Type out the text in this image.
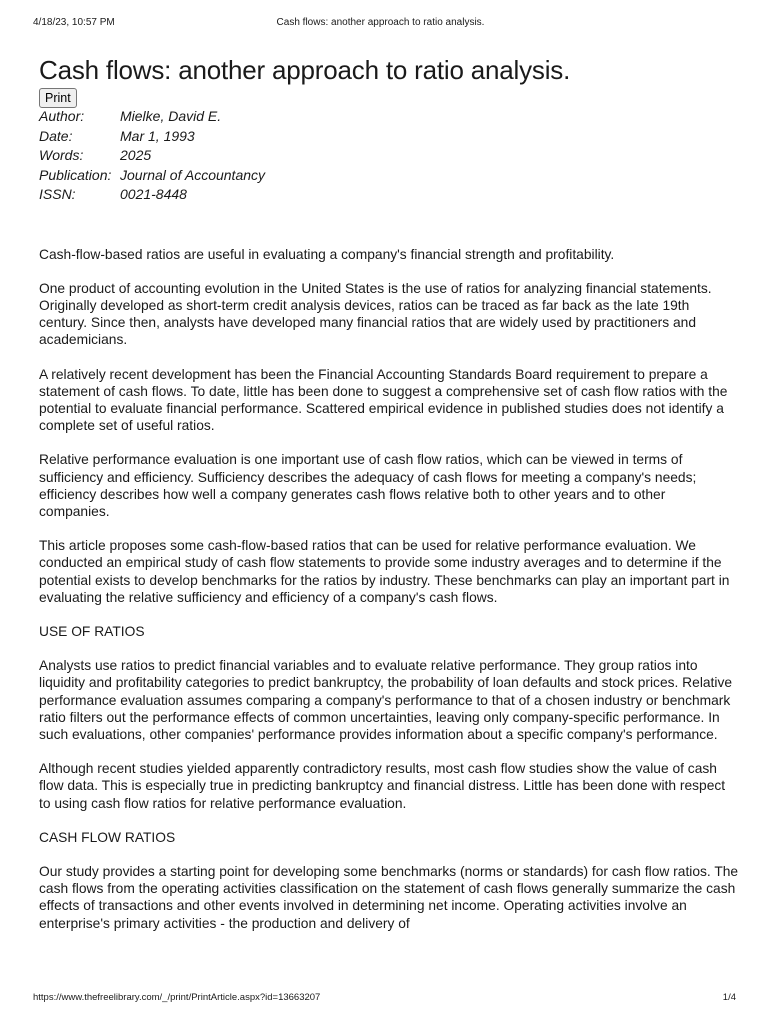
4/18/23, 10:57 PM	Cash flows: another approach to ratio analysis.
Cash flows: another approach to ratio analysis.
Print
Author:	Mielke, David E.
Date:	Mar 1, 1993
Words:	2025
Publication:	Journal of Accountancy
ISSN:	0021-8448

Cash-flow-based ratios are useful in evaluating a company's financial strength and profitability.

One product of accounting evolution in the United States is the use of ratios for analyzing financial statements. Originally developed as short-term credit analysis devices, ratios can be traced as far back as the late 19th century. Since then, analysts have developed many financial ratios that are widely used by practitioners and academicians.

A relatively recent development has been the Financial Accounting Standards Board requirement to prepare a statement of cash flows. To date, little has been done to suggest a comprehensive set of cash flow ratios with the potential to evaluate financial performance. Scattered empirical evidence in published studies does not identify a complete set of useful ratios.

Relative performance evaluation is one important use of cash flow ratios, which can be viewed in terms of sufficiency and efficiency. Sufficiency describes the adequacy of cash flows for meeting a company's needs; efficiency describes how well a company generates cash flows relative both to other years and to other companies.

This article proposes some cash-flow-based ratios that can be used for relative performance evaluation. We conducted an empirical study of cash flow statements to provide some industry averages and to determine if the potential exists to develop benchmarks for the ratios by industry. These benchmarks can play an important part in evaluating the relative sufficiency and efficiency of a company's cash flows.

USE OF RATIOS

Analysts use ratios to predict financial variables and to evaluate relative performance. They group ratios into liquidity and profitability categories to predict bankruptcy, the probability of loan defaults and stock prices. Relative performance evaluation assumes comparing a company's performance to that of a chosen industry or benchmark ratio filters out the performance effects of common uncertainties, leaving only company-specific performance. In such evaluations, other companies' performance provides information about a specific company's performance.

Although recent studies yielded apparently contradictory results, most cash flow studies show the value of cash flow data. This is especially true in predicting bankruptcy and financial distress. Little has been done with respect to using cash flow ratios for relative performance evaluation.

CASH FLOW RATIOS

Our study provides a starting point for developing some benchmarks (norms or standards) for cash flow ratios. The cash flows from the operating activities classification on the statement of cash flows generally summarize the cash effects of transactions and other events involved in determining net income. Operating activities involve an enterprise's primary activities - the production and delivery of

https://www.thefreelibrary.com/_/print/PrintArticle.aspx?id=13663207	1/4
